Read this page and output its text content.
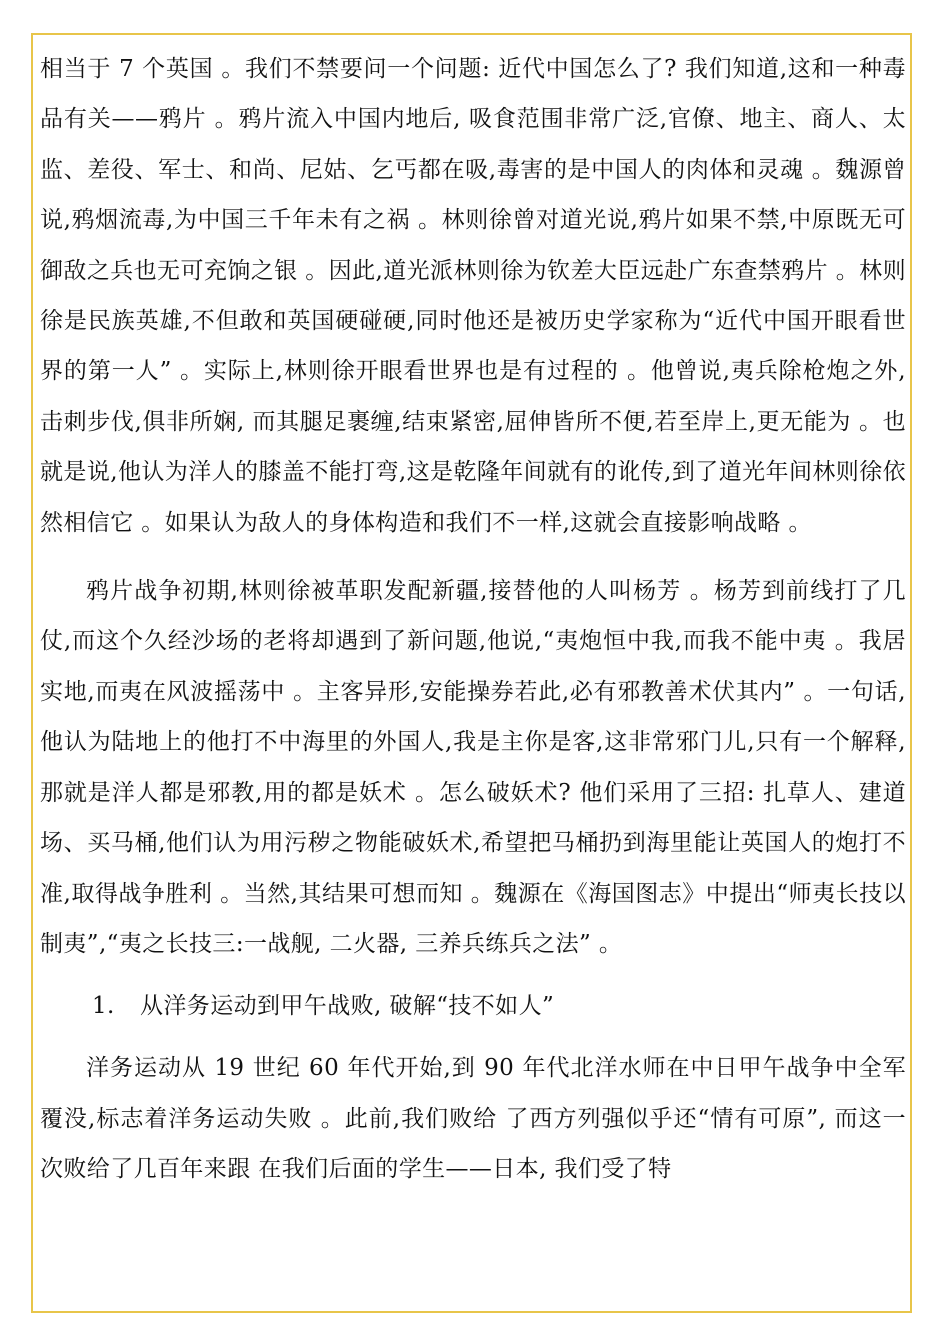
相当于 7 个英国 。我们不禁要问一个问题: 近代中国怎么了? 我们知道,这和一种毒品有关——鸦片 。鸦片流入中国内地后, 吸食范围非常广泛,官僚、地主、商人、太监、差役、军士、和尚、尼姑、乞丐都在吸,毒害的是中国人的肉体和灵魂 。魏源曾说,鸦烟流毒,为中国三千年未有之祸 。林则徐曾对道光说,鸦片如果不禁,中原既无可御敌之兵也无可充饷之银 。因此,道光派林则徐为钦差大臣远赴广东查禁鸦片 。林则徐是民族英雄,不但敢和英国硬碰硬,同时他还是被历史学家称为“近代中国开眼看世界的第一人” 。实际上,林则徐开眼看世界也是有过程的 。他曾说,夷兵除枪炮之外,击刺步伐,俱非所娴, 而其腿足裹缠,结束紧密,屈伸皆所不便,若至岸上,更无能为 。也就是说,他认为洋人的膝盖不能打弯,这是乾隆年间就有的讹传,到了道光年间林则徐依然相信它 。如果认为敌人的身体构造和我们不一样,这就会直接影响战略 。

鸦片战争初期,林则徐被革职发配新疆,接替他的人叫杨芳 。杨芳到前线打了几仗,而这个久经沙场的老将却遇到了新问题,他说,“夷炮恒中我,而我不能中夷 。我居实地,而夷在风波摇荡中 。主客异形,安能操券若此,必有邪教善术伏其内” 。一句话,他认为陆地上的他打不中海里的外国人,我是主你是客,这非常邪门儿,只有一个解释,那就是洋人都是邪教,用的都是妖术 。怎么破妖术? 他们采用了三招: 扎草人、建道场、买马桶,他们认为用污秽之物能破妖术,希望把马桶扔到海里能让英国人的炮打不准,取得战争胜利 。当然,其结果可想而知 。魏源在《海国图志》中提出“师夷长技以制夷”,“夷之长技三:一战舰, 二火器, 三养兵练兵之法” 。

1. 从洋务运动到甲午战败, 破解“技不如人”

洋务运动从 19 世纪 60 年代开始,到 90 年代北洋水师在中日甲午战争中全军覆没,标志着洋务运动失败 。此前,我们败给 了西方列强似乎还“情有可原”, 而这一次败给了几百年来跟 在我们后面的学生——日本, 我们受了特
